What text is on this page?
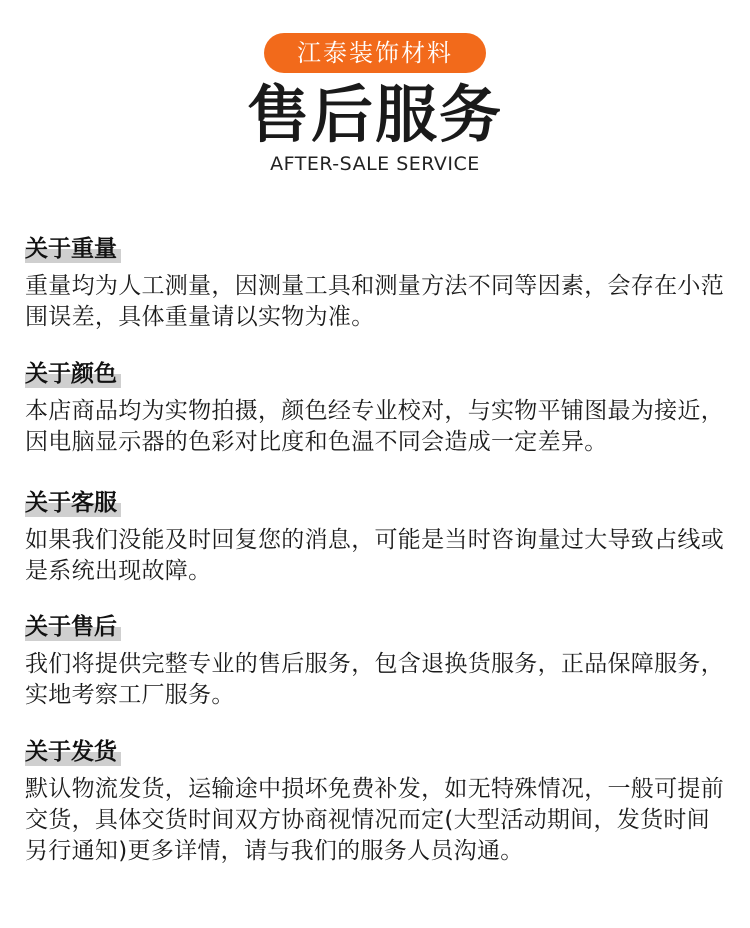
江泰装饰材料
售后服务
AFTER-SALE SERVICE
关于重量

重量均为人工测量，因测量工具和测量方法不同等因素，会存在小范围误差，具体重量请以实物为准。

关于颜色

本店商品均为实物拍摄，颜色经专业校对，与实物平铺图最为接近，因电脑显示器的色彩对比度和色温不同会造成一定差异。

关于客服

如果我们没能及时回复您的消息，可能是当时咨询量过大导致占线或是系统出现故障。

关于售后

我们将提供完整专业的售后服务，包含退换货服务，正品保障服务，实地考察工厂服务。

关于发货

默认物流发货，运输途中损坏免费补发，如无特殊情况，一般可提前交货，具体交货时间双方协商视情况而定(大型活动期间，发货时间另行通知)更多详情，请与我们的服务人员沟通。
